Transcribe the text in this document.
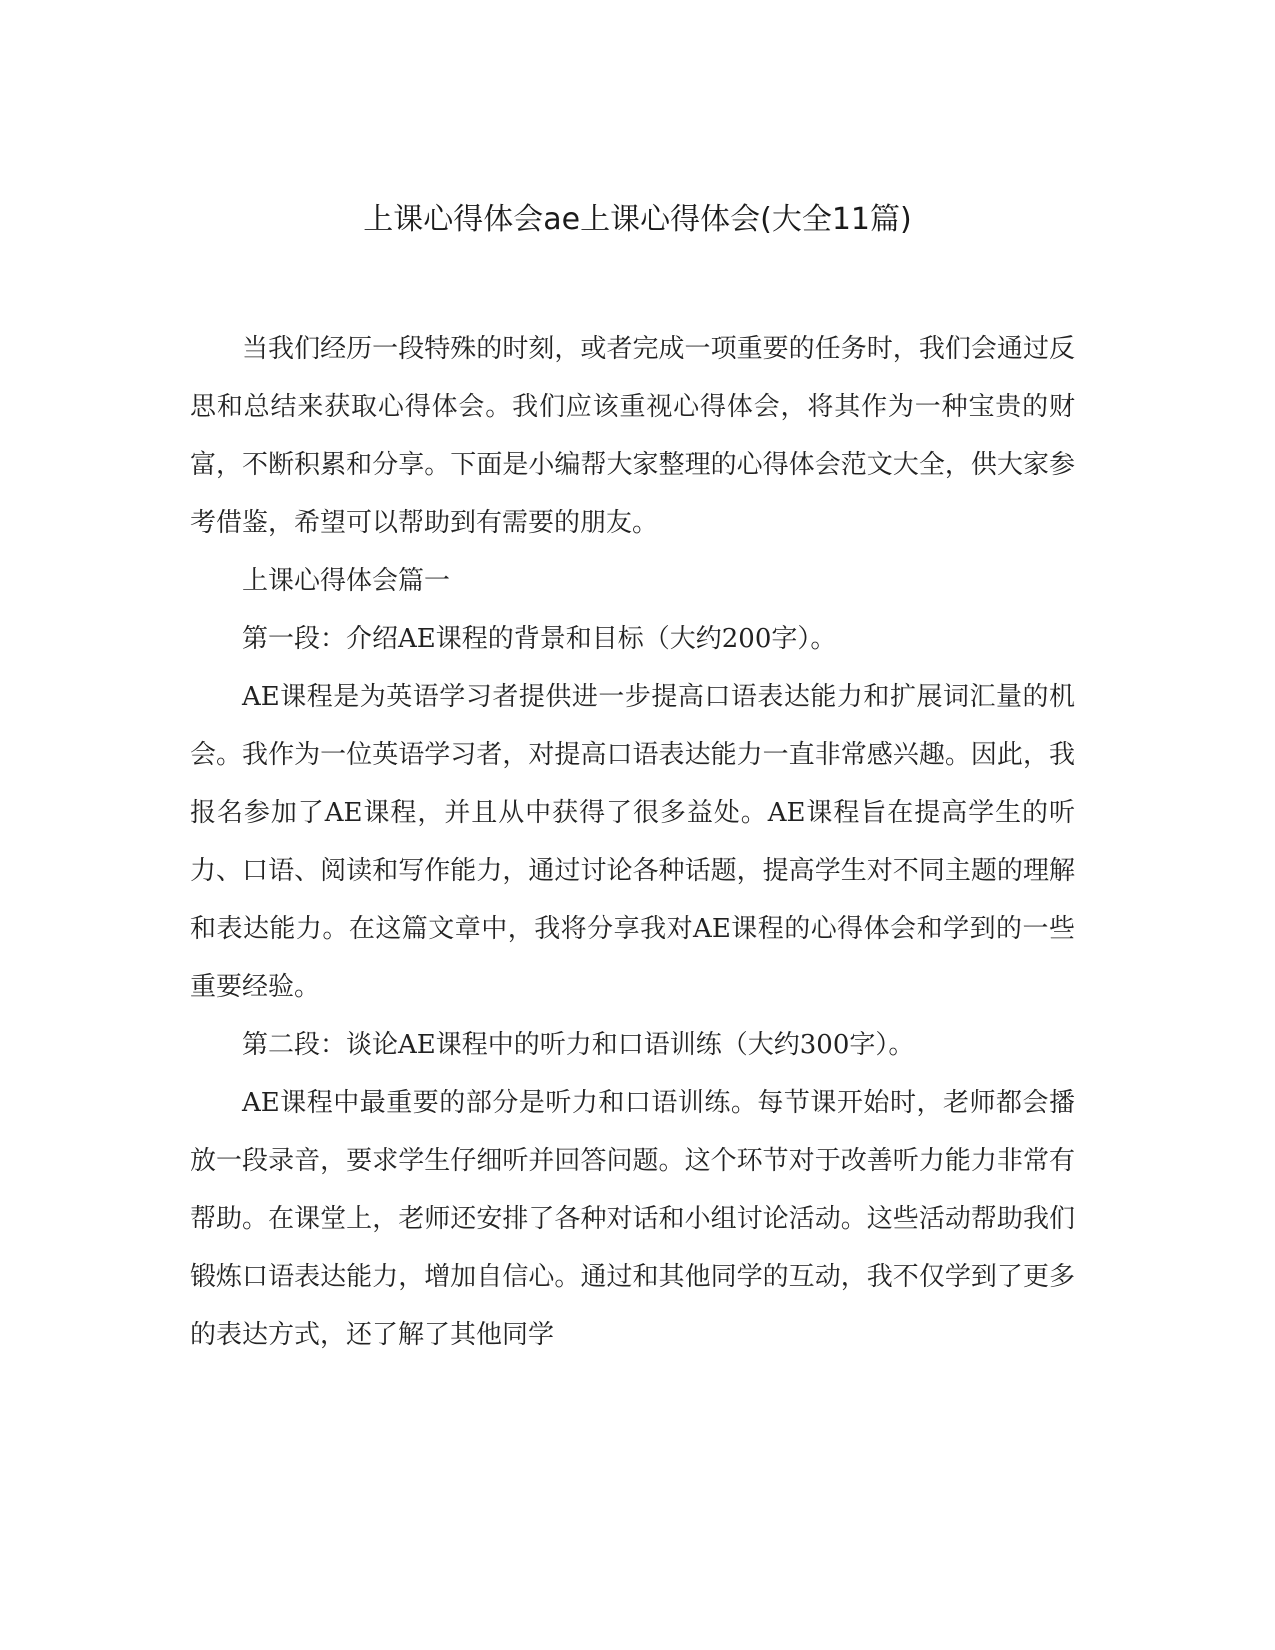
上课心得体会ae上课心得体会(大全11篇)

当我们经历一段特殊的时刻，或者完成一项重要的任务时，我们会通过反思和总结来获取心得体会。我们应该重视心得体会，将其作为一种宝贵的财富，不断积累和分享。下面是小编帮大家整理的心得体会范文大全，供大家参考借鉴，希望可以帮助到有需要的朋友。

上课心得体会篇一

第一段：介绍AE课程的背景和目标（大约200字）。

AE课程是为英语学习者提供进一步提高口语表达能力和扩展词汇量的机会。我作为一位英语学习者，对提高口语表达能力一直非常感兴趣。因此，我报名参加了AE课程，并且从中获得了很多益处。AE课程旨在提高学生的听力、口语、阅读和写作能力，通过讨论各种话题，提高学生对不同主题的理解和表达能力。在这篇文章中，我将分享我对AE课程的心得体会和学到的一些重要经验。

第二段：谈论AE课程中的听力和口语训练（大约300字）。

AE课程中最重要的部分是听力和口语训练。每节课开始时，老师都会播放一段录音，要求学生仔细听并回答问题。这个环节对于改善听力能力非常有帮助。在课堂上，老师还安排了各种对话和小组讨论活动。这些活动帮助我们锻炼口语表达能力，增加自信心。通过和其他同学的互动，我不仅学到了更多的表达方式，还了解了其他同学
